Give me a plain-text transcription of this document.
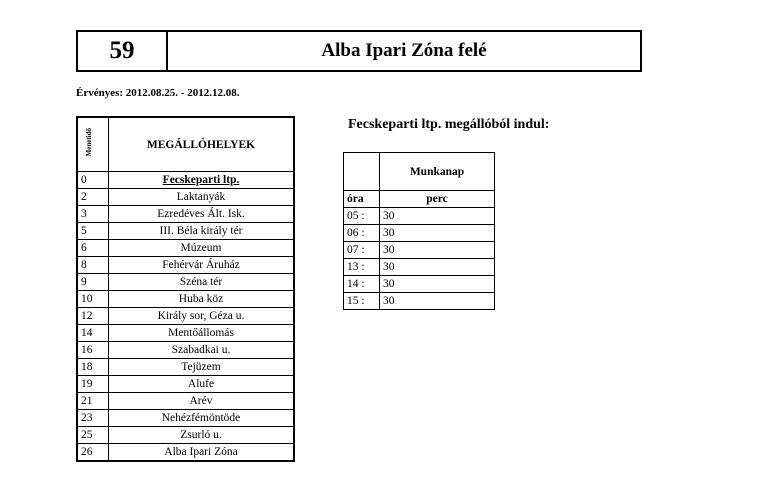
59	Alba Ipari Zóna felé
Érvényes: 2012.08.25. - 2012.12.08.
Menetidő	MEGÁLLÓHELYEK
0	Fecskeparti ltp.
2	Laktanyák
3	Ezredéves Ált. Isk.
5	III. Béla király tér
6	Múzeum
8	Fehérvár Áruház
9	Széna tér
10	Huba köz
12	Király sor, Géza u.
14	Mentőállomás
16	Szabadkai u.
18	Tejüzem
19	Alufe
21	Arév
23	Nehézfémöntöde
25	Zsurló u.
26	Alba Ipari Zóna
Fecskeparti ltp. megállóból indul:
	Munkanap
óra	perc
05 :	30
06 :	30
07 :	30
13 :	30
14 :	30
15 :	30
